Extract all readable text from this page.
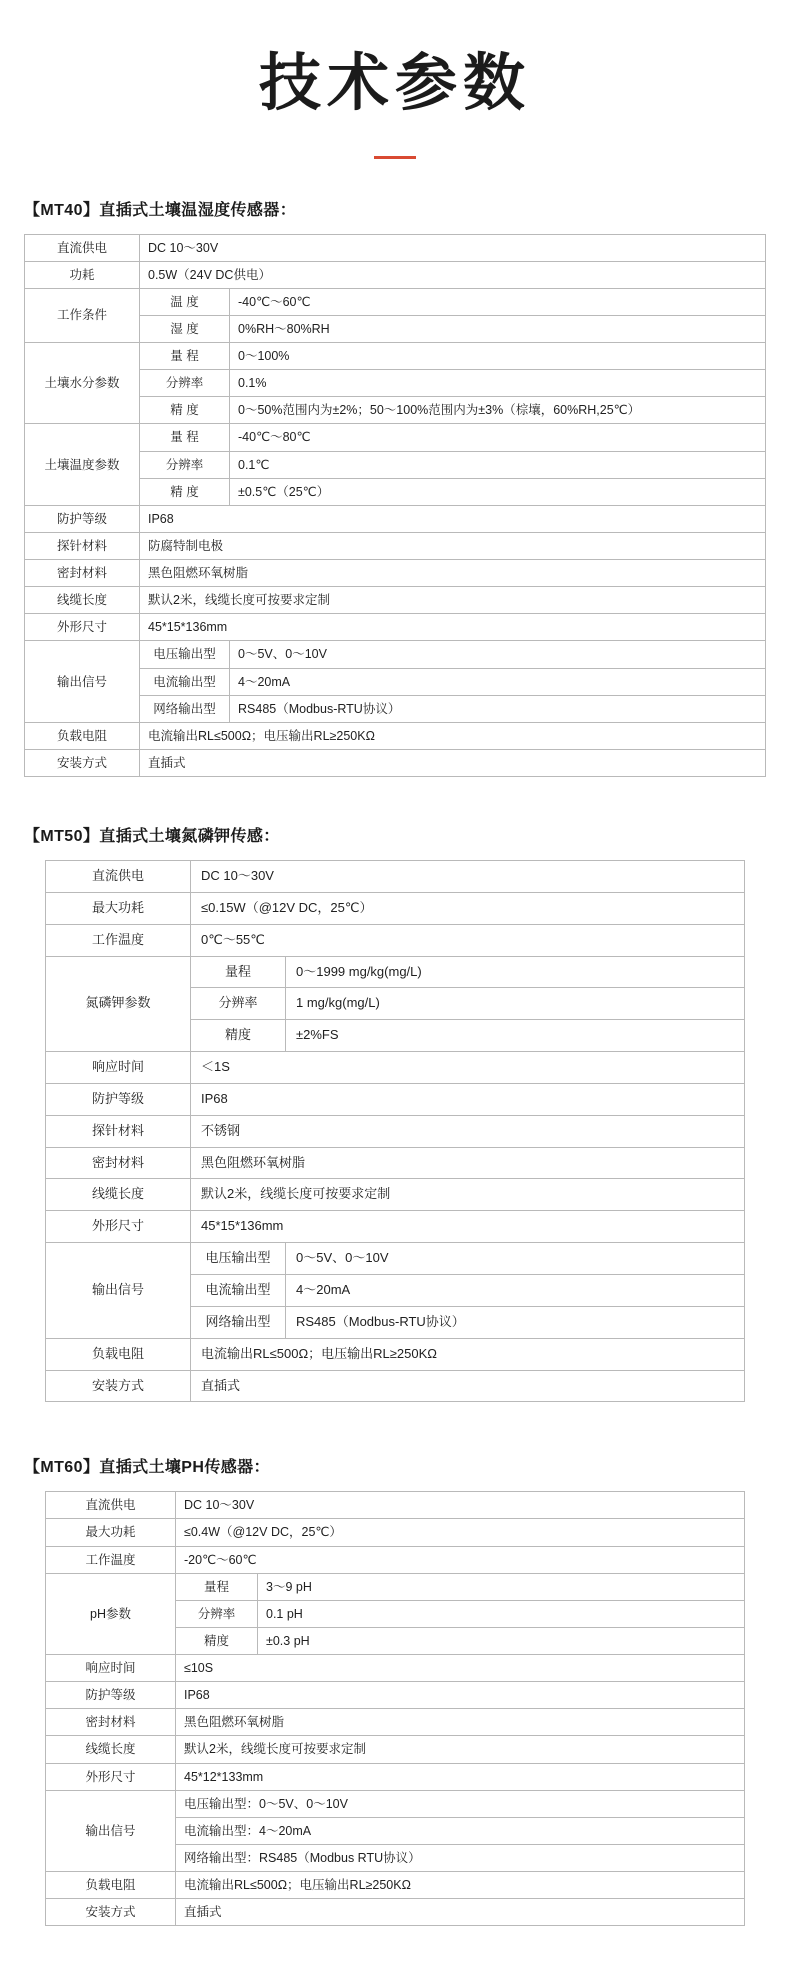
技术参数
【MT40】直插式土壤温湿度传感器：
直流供电	DC 10～30V	
功耗	0.5W（24V DC供电）	
工作条件	温 度	-40℃～60℃
	湿 度	0%RH～80%RH
土壤水分参数	量 程	0～100%
	分辨率	0.1%
	精 度	0～50%范围内为±2%；50～100%范围内为±3%（棕壤，60%RH,25℃）
土壤温度参数	量 程	-40℃～80℃
	分辨率	0.1℃
	精 度	±0.5℃（25℃）
防护等级	IP68	
探针材料	防腐特制电极	
密封材料	黑色阻燃环氧树脂	
线缆长度	默认2米，线缆长度可按要求定制	
外形尺寸	45*15*136mm	
输出信号	电压输出型	0～5V、0～10V
	电流输出型	4～20mA
	网络输出型	RS485（Modbus-RTU协议）
负载电阻	电流输出RL≤500Ω；电压输出RL≥250KΩ	
安装方式	直插式	
【MT50】直插式土壤氮磷钾传感：
直流供电	DC 10～30V	
最大功耗	≤0.15W（@12V DC，25℃）	
工作温度	0℃～55℃	
氮磷钾参数	量程	0～1999 mg/kg(mg/L)
	分辨率	1 mg/kg(mg/L)
	精度	±2%FS
响应时间	＜1S	
防护等级	IP68	
探针材料	不锈钢	
密封材料	黑色阻燃环氧树脂	
线缆长度	默认2米，线缆长度可按要求定制	
外形尺寸	45*15*136mm	
输出信号	电压输出型	0～5V、0～10V
	电流输出型	4～20mA
	网络输出型	RS485（Modbus-RTU协议）
负载电阻	电流输出RL≤500Ω；电压输出RL≥250KΩ	
安装方式	直插式	
【MT60】直插式土壤PH传感器：
直流供电	DC 10～30V	
最大功耗	≤0.4W（@12V DC，25℃）	
工作温度	-20℃～60℃	
pH参数	量程	3～9 pH
	分辨率	0.1 pH
	精度	±0.3 pH
响应时间	≤10S	
防护等级	IP68	
密封材料	黑色阻燃环氧树脂	
线缆长度	默认2米，线缆长度可按要求定制	
外形尺寸	45*12*133mm	
输出信号	电压输出型：0～5V、0～10V	
	电流输出型：4～20mA	
	网络输出型：RS485（Modbus RTU协议）	
负载电阻	电流输出RL≤500Ω；电压输出RL≥250KΩ	
安装方式	直插式	
